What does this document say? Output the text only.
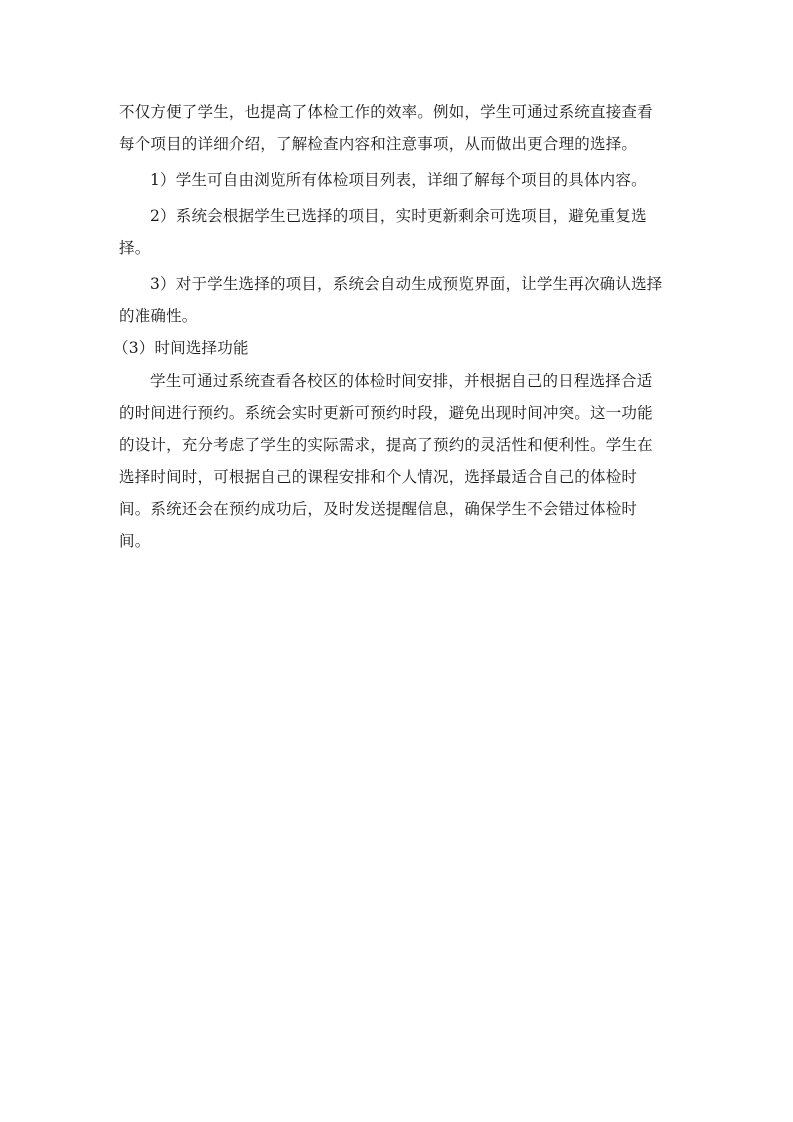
不仅方便了学生，也提高了体检工作的效率。例如，学生可通过系统直接查看
每个项目的详细介绍，了解检查内容和注意事项，从而做出更合理的选择。
1）学生可自由浏览所有体检项目列表，详细了解每个项目的具体内容。
2）系统会根据学生已选择的项目，实时更新剩余可选项目，避免重复选
择。
3）对于学生选择的项目，系统会自动生成预览界面，让学生再次确认选择
的准确性。
（3）时间选择功能
学生可通过系统查看各校区的体检时间安排，并根据自己的日程选择合适
的时间进行预约。系统会实时更新可预约时段，避免出现时间冲突。这一功能
的设计，充分考虑了学生的实际需求，提高了预约的灵活性和便利性。学生在
选择时间时，可根据自己的课程安排和个人情况，选择最适合自己的体检时
间。系统还会在预约成功后，及时发送提醒信息，确保学生不会错过体检时
间。
